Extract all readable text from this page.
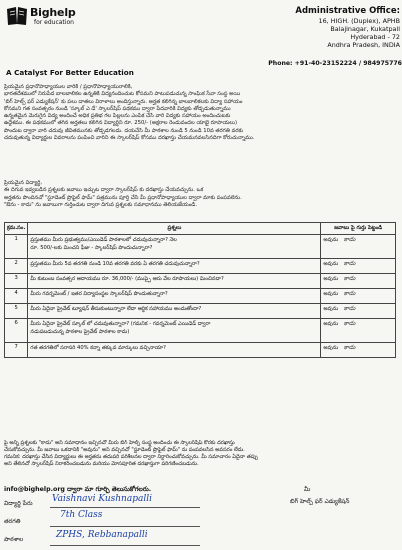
Bighelp
for education
A Catalyst For Better Education
Administrative Office:
16, HIGH. (Duplex), APHB
Balajinagar, Kukatpall
Hyderabad - 72
Andhra Pradesh, INDIA
Phone: +91-40-23152224 / 984975776
ప్రియమైన ప్రధానోపాధ్యాయుల వారికి / ప్రధానోపాధ్యాయురాలికి,
భారతదేశములో నిరుపేద బాలబాలికల ఉన్నతికి విద్యనందించుట కోసమని పాటుపడుచున్న సాంఘిక సేవా సంస్థ అయి
'బిగ్ హెల్ప్ ఫర్ ఎడ్యుకేషన్' కు పలు దాతలు విరాళాలు అందిస్తున్నారు. అర్హత కలిగిన్న బాలబాలికలకు విద్యా సహాయం
కోసమని గత సంవత్సరం నుండి 'స్కూల్ ఎ డే' స్కాలర్‌షిప్ పథకము ద్వారా పేదవారికి విద్యకు తోడ్పడుతున్నాము
ఉన్నతమైన మెరుగైన విద్య అందించే అధిక ప్రతిభ గల పిల్లలను ఎంపిక చేసి వారి విద్యకు సహాయం అందించుటకు
ఉద్దేశము. ఈ పథకములో తగిన అర్హతలు కలిగిన విద్యార్థిని రూ. 250/- (అక్షరాల రెండువందల యాభై రూపాయలు)
పొందుట ద్వారా వారి చదువు జీవితమునకు తోడ్పడగలదు. దయచేసి మీ పాఠశాల నుండి 5 నుండి 10వ తరగతి వరకు
చదువుతున్న విద్యార్థుల వివరాలను పంపించి వారిని ఈ స్కాలర్‌షిప్ కోసము దరఖాస్తు చేయమనవలసినదిగా కోరుచున్నాము.
ప్రియమైన విద్యార్థి,
ఈ దిగువ ఇవ్వబడిన ప్రశ్నలకు జవాబు ఇచ్చుట ద్వారా స్కాలర్‌షిప్ కు దరఖాస్తు చేయవచ్చును. ఒక
అర్హతను పొందినచో "స్టూడెంట్ ప్రొఫైల్ ఫామ్" పత్రమును పూర్తి చేసి మీ ప్రధానోపాధ్యాయుల ద్వారా మాకు పంపవలెను.
"ఔను - కాదు" ను జవాబుగా గుర్తించుట ద్వారా దిగువ ప్రశ్నలకు సమాధానము తెలియజేయండి.
క్రమ.సం.	ప్రశ్నలు	జవాబు పై గుర్తు పెట్టండి
1	ప్రస్తుతము మీరు ప్రభుత్వము/ఎయిడెడ్ పాఠశాలలో చదువుచున్నారా? నెల
రూ. 500/-లకు మించని ఫీజు - స్కాలర్‌షిప్ పొందుచున్నారా?	అవును కాదు
2	ప్రస్తుతము మీరు 5వ తరగతి నుండి 10వ తరగతి వరకు ఏ తరగతి చదువుచున్నారా?	అవును కాదు
3	మీ కుటుంబ సంవత్సర ఆదాయము రూ. 36,000/- (ముప్పై ఆరు వేల రూపాయలు) మించినదా?	అవును కాదు
4	మీరు గవర్నమెంట్ / ఇతర విద్యాసంస్థల స్కాలర్‌షిప్ పొందుతున్నారా?	అవును కాదు
5	మీరు ఏదైనా ప్రైవేట్ ట్యూషన్ తీసుకుంటున్నారా లేదా ఆర్థిక సహాయము అందుతోందా?	అవును కాదు
6	మీరు ఏదైనా ప్రైవేట్ స్కూల్ లో చదువుతున్నారా? (గమనిక - గవర్నమెంట్ ఎయిడెడ్ ద్వారా
నడుపబడుచున్న పాఠశాల ప్రైవేట్ పాఠశాల కాదు)	అవును కాదు
7	గత తరగతిలో సరాసరి 40% కన్నా తక్కువ మార్కులు వచ్చినాయా?	అవును కాదు
పై అన్ని ప్రశ్నలకు "కాదు" అని సమాధానం ఇచ్చినచో మీరు బిగ్ హెల్ప్ సంస్థ అందించు ఈ స్కాలర్‌షిప్ కొరకు దరఖాస్తు
చేసుకోవచ్చును. మీ జవాబు ఒకదానికి "అవును" అని వచ్చినచో "స్టూడెంట్ ప్రొఫైల్ ఫామ్" ను పంపవలసిన అవసరం లేదు.
గమనిక: దరఖాస్తు చేసిన విద్యార్థులు ఈ అర్హతను తదుపరి పరిశీలనల ద్వారా నిర్ధారించుకోవచ్చును. మీ సమాచారం ఏదైనా తప్పు
అని తేలినచో స్కాలర్‌షిప్ నిరాకరించబడును మరియు మోసపూరిత దరఖాస్తుగా పరిగణించబడును.
info@bighelp.org ద్వారా మా గూర్చి తెలుసుకోగలరు.	మీ
బిగ్ హెల్ప్ ఫర్ ఎడ్యుకేషన్
విద్యార్థి పేరు Vaishnavi Kushnapalli
తరగతి
7th Class
పాఠశాల	ZPHS, Rebbanapalli
